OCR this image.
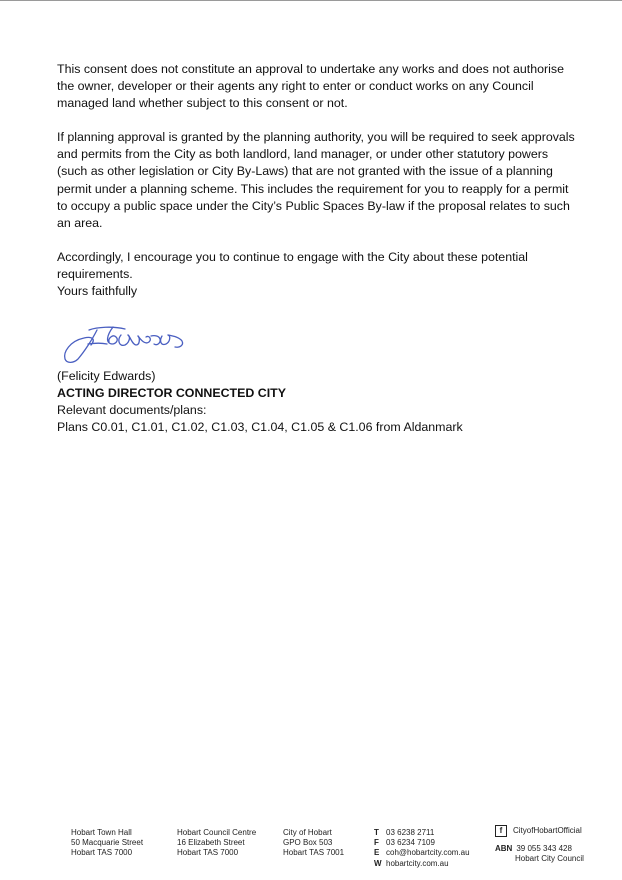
This consent does not constitute an approval to undertake any works and does not authorise the owner, developer or their agents any right to enter or conduct works on any Council managed land whether subject to this consent or not.

If planning approval is granted by the planning authority, you will be required to seek approvals and permits from the City as both landlord, land manager, or under other statutory powers (such as other legislation or City By-Laws) that are not granted with the issue of a planning permit under a planning scheme. This includes the requirement for you to reapply for a permit to occupy a public space under the City’s Public Spaces By-law if the proposal relates to such an area.

Accordingly, I encourage you to continue to engage with the City about these potential requirements.

Yours faithfully

(Felicity Edwards)

ACTING DIRECTOR CONNECTED CITY

Relevant documents/plans:

Plans C0.01, C1.01, C1.02, C1.03, C1.04, C1.05 & C1.06 from Aldanmark

Hobart Town Hall
50 Macquarie Street
Hobart TAS 7000
Hobart Council Centre
16 Elizabeth Street
Hobart TAS 7000
City of Hobart
GPO Box 503
Hobart TAS 7001
T 03 6238 2711
F 03 6234 7109
E coh@hobartcity.com.au
W hobartcity.com.au
f	CityofHobartOfficial
ABN 39 055 343 428
Hobart City Council
